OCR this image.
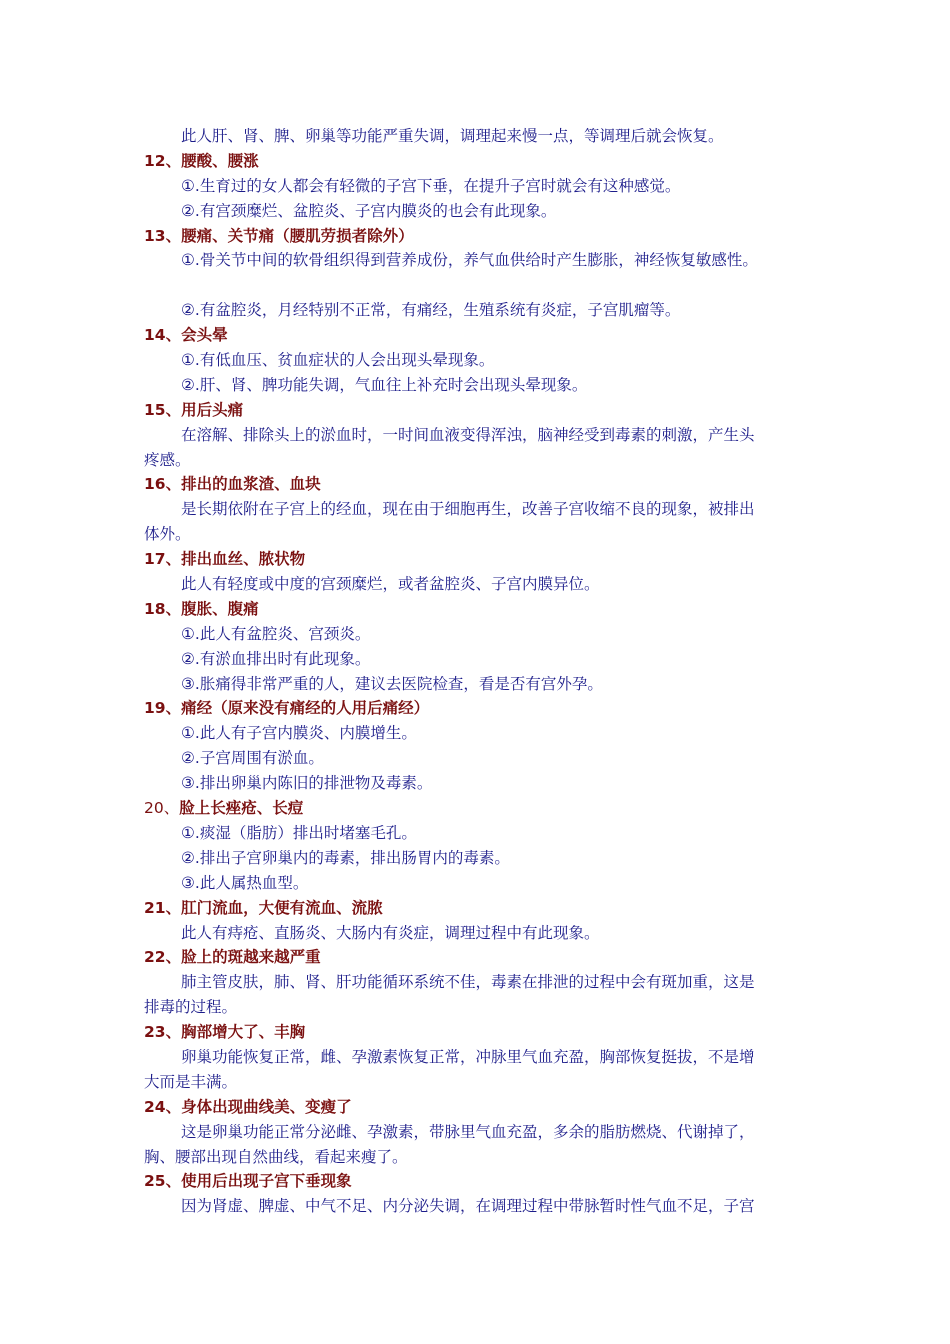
此人肝、肾、脾、卵巢等功能严重失调，调理起来慢一点，等调理后就会恢复。
12、腰酸、腰涨
①.生育过的女人都会有轻微的子宫下垂，在提升子宫时就会有这种感觉。
②.有宫颈糜烂、盆腔炎、子宫内膜炎的也会有此现象。
13、腰痛、关节痛（腰肌劳损者除外）
①.骨关节中间的软骨组织得到营养成份，养气血供给时产生膨胀，神经恢复敏感性。
②.有盆腔炎，月经特别不正常，有痛经，生殖系统有炎症，子宫肌瘤等。
14、会头晕
①.有低血压、贫血症状的人会出现头晕现象。
②.肝、肾、脾功能失调，气血往上补充时会出现头晕现象。
15、用后头痛
在溶解、排除头上的淤血时，一时间血液变得浑浊，脑神经受到毒素的刺激，产生头
疼感。
16、排出的血浆渣、血块
是长期依附在子宫上的经血，现在由于细胞再生，改善子宫收缩不良的现象，被排出
体外。
17、排出血丝、脓状物
此人有轻度或中度的宫颈糜烂，或者盆腔炎、子宫内膜异位。
18、腹胀、腹痛
①.此人有盆腔炎、宫颈炎。
②.有淤血排出时有此现象。
③.胀痛得非常严重的人，建议去医院检查，看是否有宫外孕。
19、痛经（原来没有痛经的人用后痛经）
①.此人有子宫内膜炎、内膜增生。
②.子宫周围有淤血。
③.排出卵巢内陈旧的排泄物及毒素。
20、脸上长痤疮、长痘
①.痰湿（脂肪）排出时堵塞毛孔。
②.排出子宫卵巢内的毒素，排出肠胃内的毒素。
③.此人属热血型。
21、肛门流血，大便有流血、流脓
此人有痔疮、直肠炎、大肠内有炎症，调理过程中有此现象。
22、脸上的斑越来越严重
肺主管皮肤，肺、肾、肝功能循环系统不佳，毒素在排泄的过程中会有斑加重，这是
排毒的过程。
23、胸部增大了、丰胸
卵巢功能恢复正常，雌、孕激素恢复正常，冲脉里气血充盈，胸部恢复挺拔，不是增
大而是丰满。
24、身体出现曲线美、变瘦了
这是卵巢功能正常分泌雌、孕激素，带脉里气血充盈，多余的脂肪燃烧、代谢掉了，
胸、腰部出现自然曲线，看起来瘦了。
25、使用后出现子宫下垂现象
因为肾虚、脾虚、中气不足、内分泌失调，在调理过程中带脉暂时性气血不足，子宫
